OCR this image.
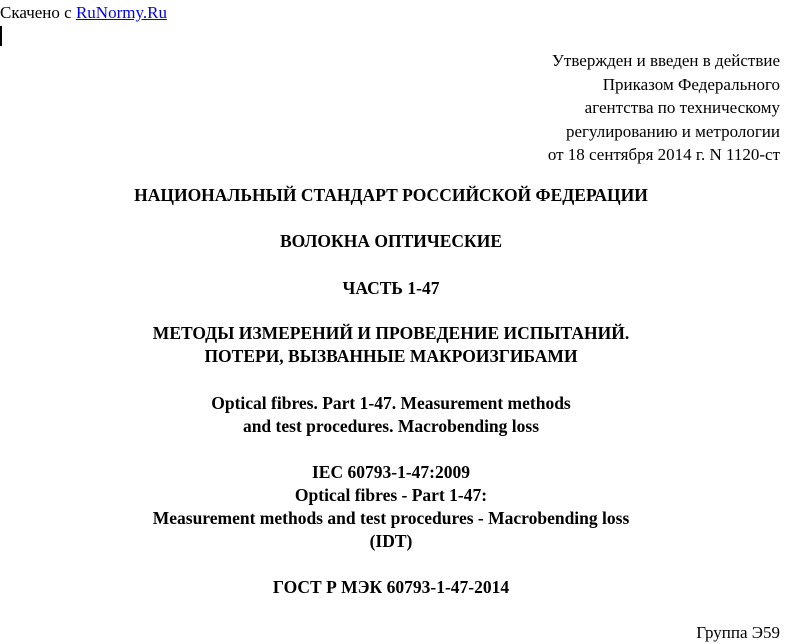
Скачено с RuNormy.Ru
Утвержден и введен в действие
Приказом Федерального
агентства по техническому
регулированию и метрологии
от 18 сентября 2014 г. N 1120-ст
НАЦИОНАЛЬНЫЙ СТАНДАРТ РОССИЙСКОЙ ФЕДЕРАЦИИ
ВОЛОКНА ОПТИЧЕСКИЕ
ЧАСТЬ 1-47
МЕТОДЫ ИЗМЕРЕНИЙ И ПРОВЕДЕНИЕ ИСПЫТАНИЙ.
ПОТЕРИ, ВЫЗВАННЫЕ МАКРОИЗГИБАМИ
Optical fibres. Part 1-47. Measurement methods
and test procedures. Macrobending loss
IEC 60793-1-47:2009
Optical fibres - Part 1-47:
Measurement methods and test procedures - Macrobending loss
(IDT)
ГОСТ Р МЭК 60793-1-47-2014
Группа Э59
